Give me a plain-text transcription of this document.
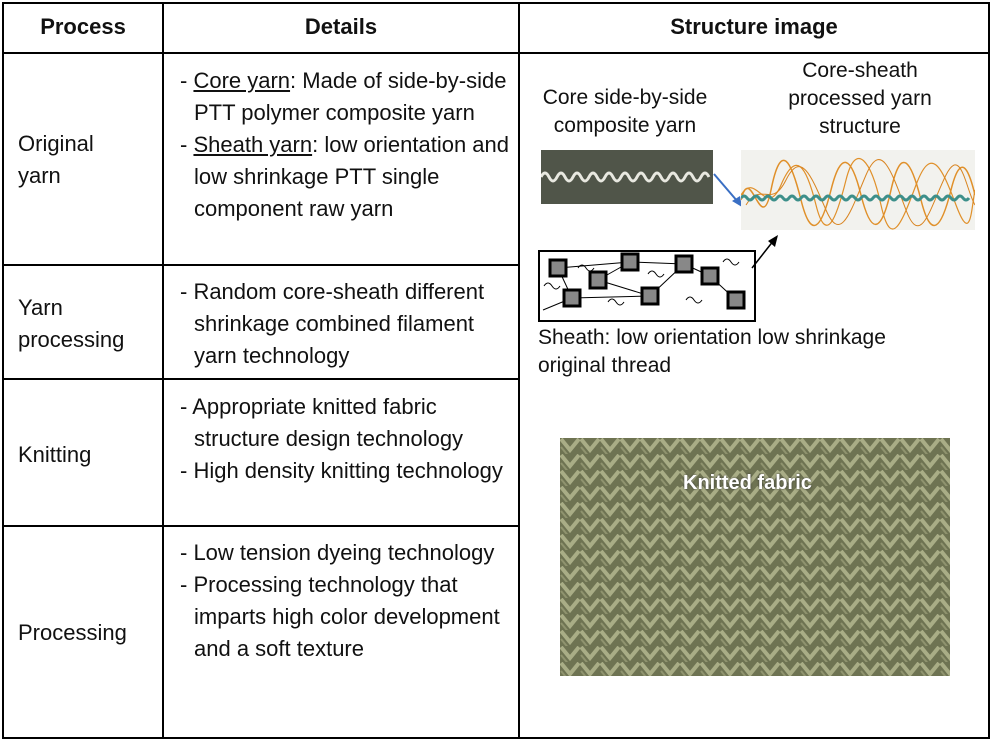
Process	Details	Structure image
Original yarn
Yarn processing
Knitting
Processing
- Core yarn: Made of side-by-side PTT polymer composite yarn
- Sheath yarn: low orientation and low shrinkage PTT single component raw yarn
- Random core-sheath different shrinkage combined filament yarn technology
- Appropriate knitted fabric structure design technology
- High density knitting technology
- Low tension dyeing technology
- Processing technology that imparts high color development and a soft texture
Core side-by-side composite yarn
Core-sheath processed yarn structure
Sheath: low orientation low shrinkage original thread
Knitted fabric
